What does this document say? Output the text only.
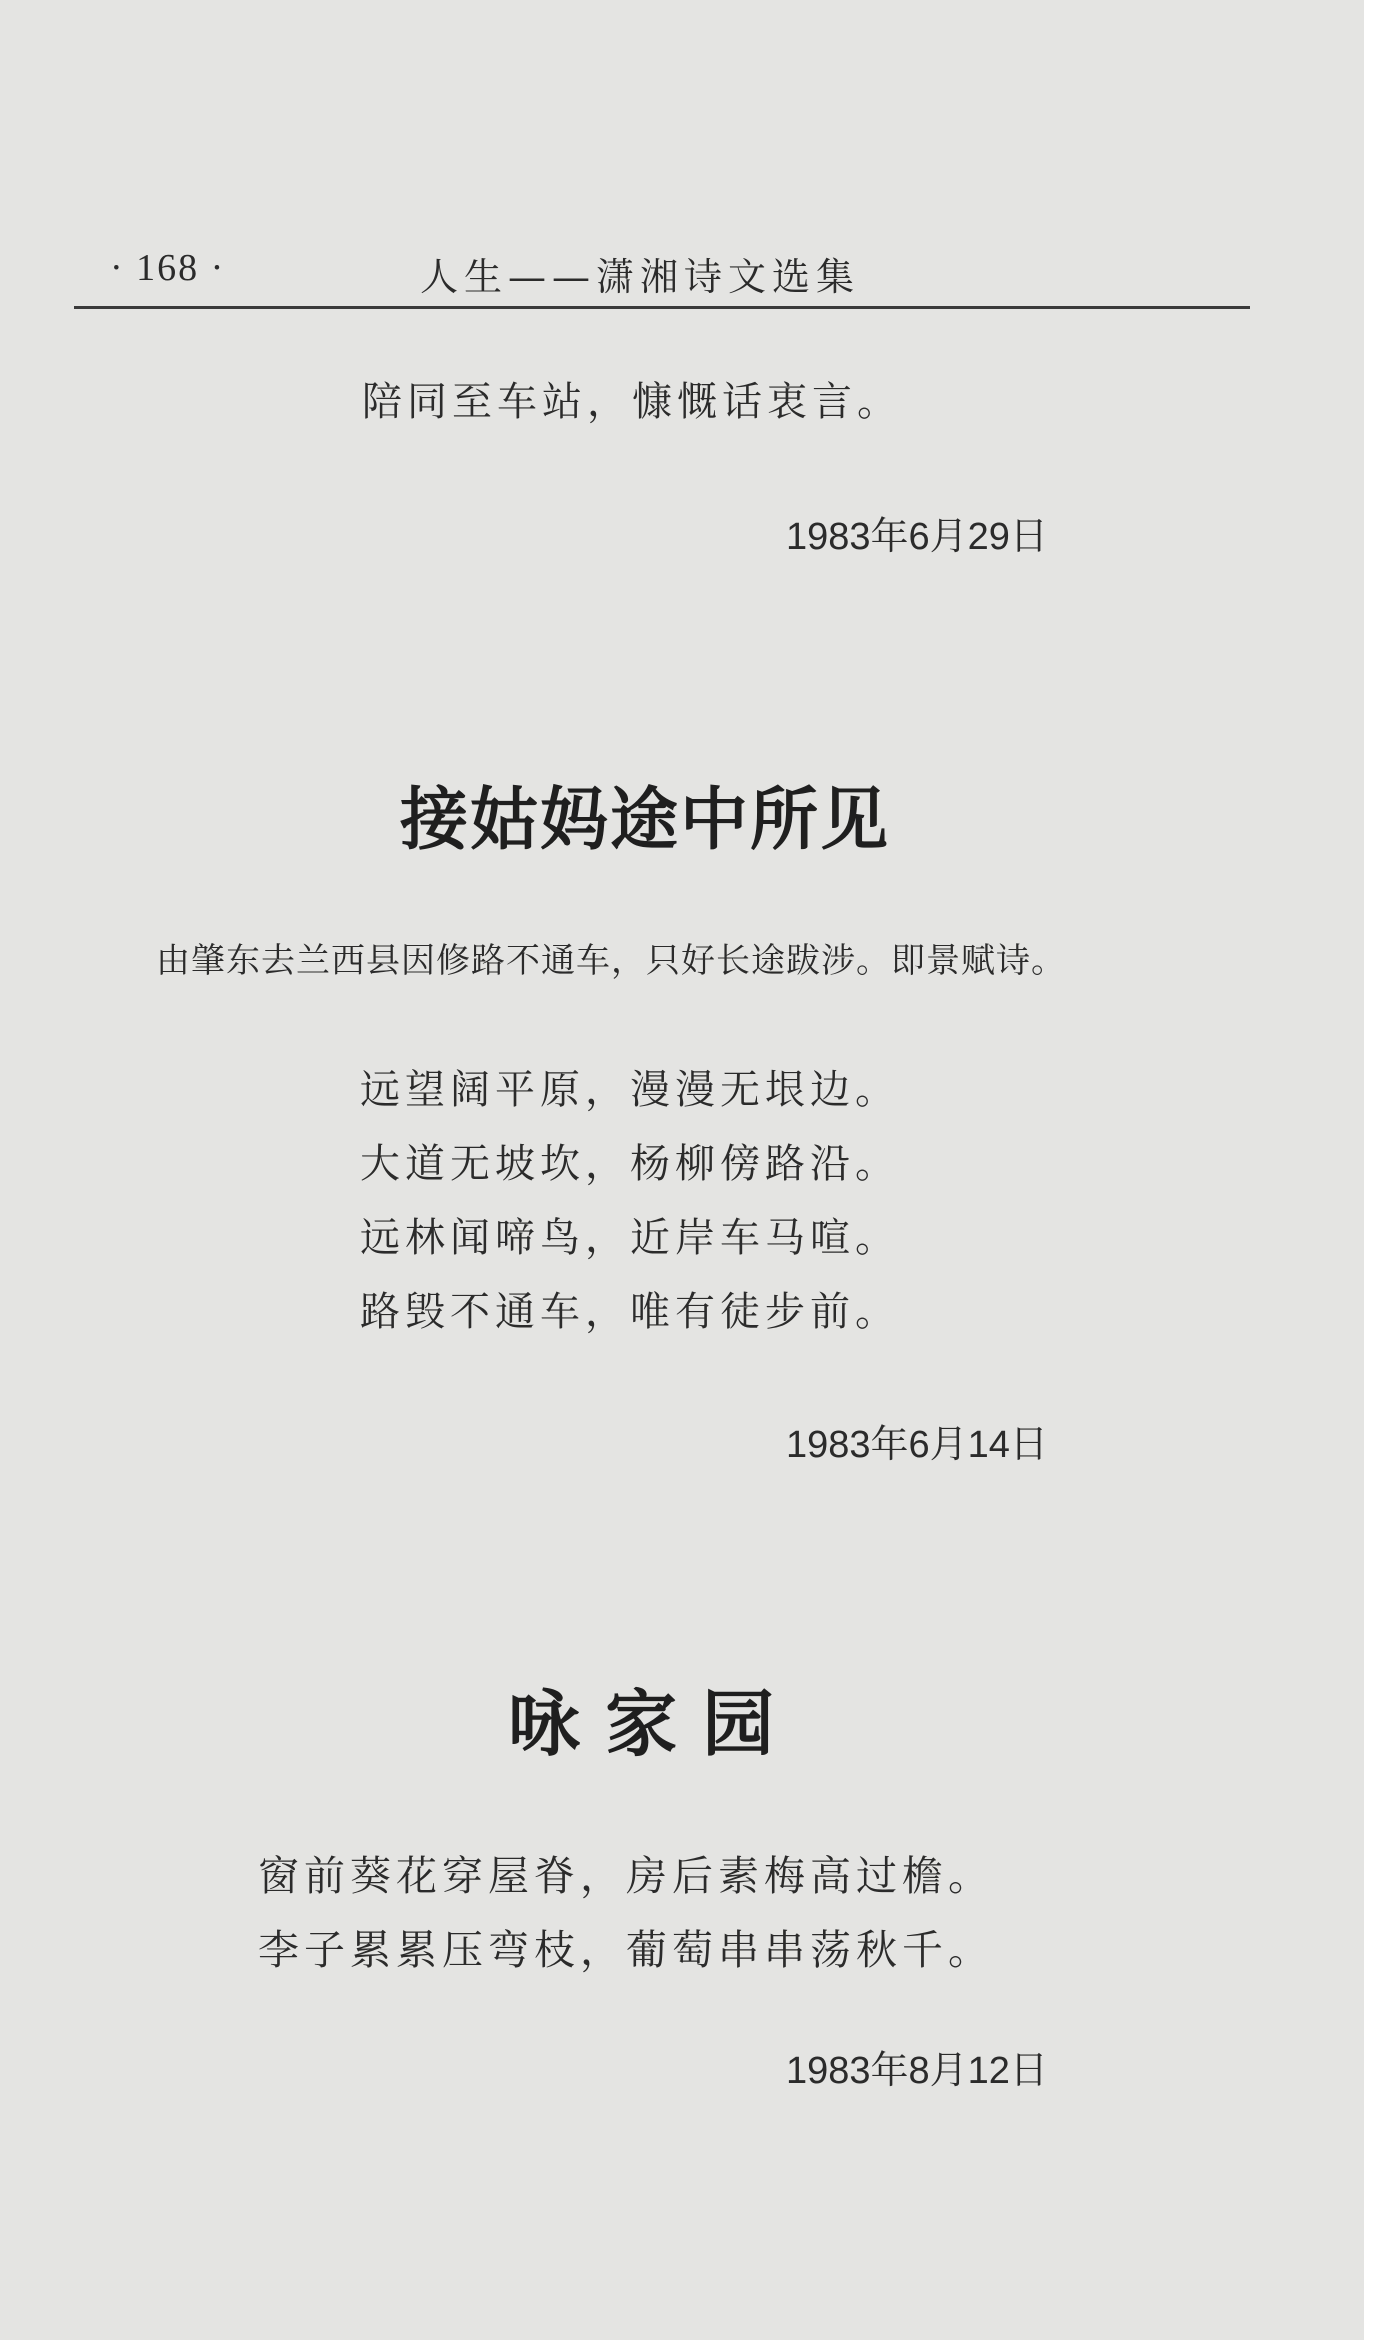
· 168 ·	人生——潇湘诗文选集
陪同至车站，慷慨话衷言。
1983年6月29日
接姑妈途中所见
由肇东去兰西县因修路不通车，只好长途跋涉。即景赋诗。
远望阔平原，漫漫无垠边。
大道无坡坎，杨柳傍路沿。
远林闻啼鸟，近岸车马喧。
路毁不通车，唯有徒步前。
1983年6月14日
咏 家 园
窗前葵花穿屋脊，房后素梅高过檐。
李子累累压弯枝，葡萄串串荡秋千。
1983年8月12日
